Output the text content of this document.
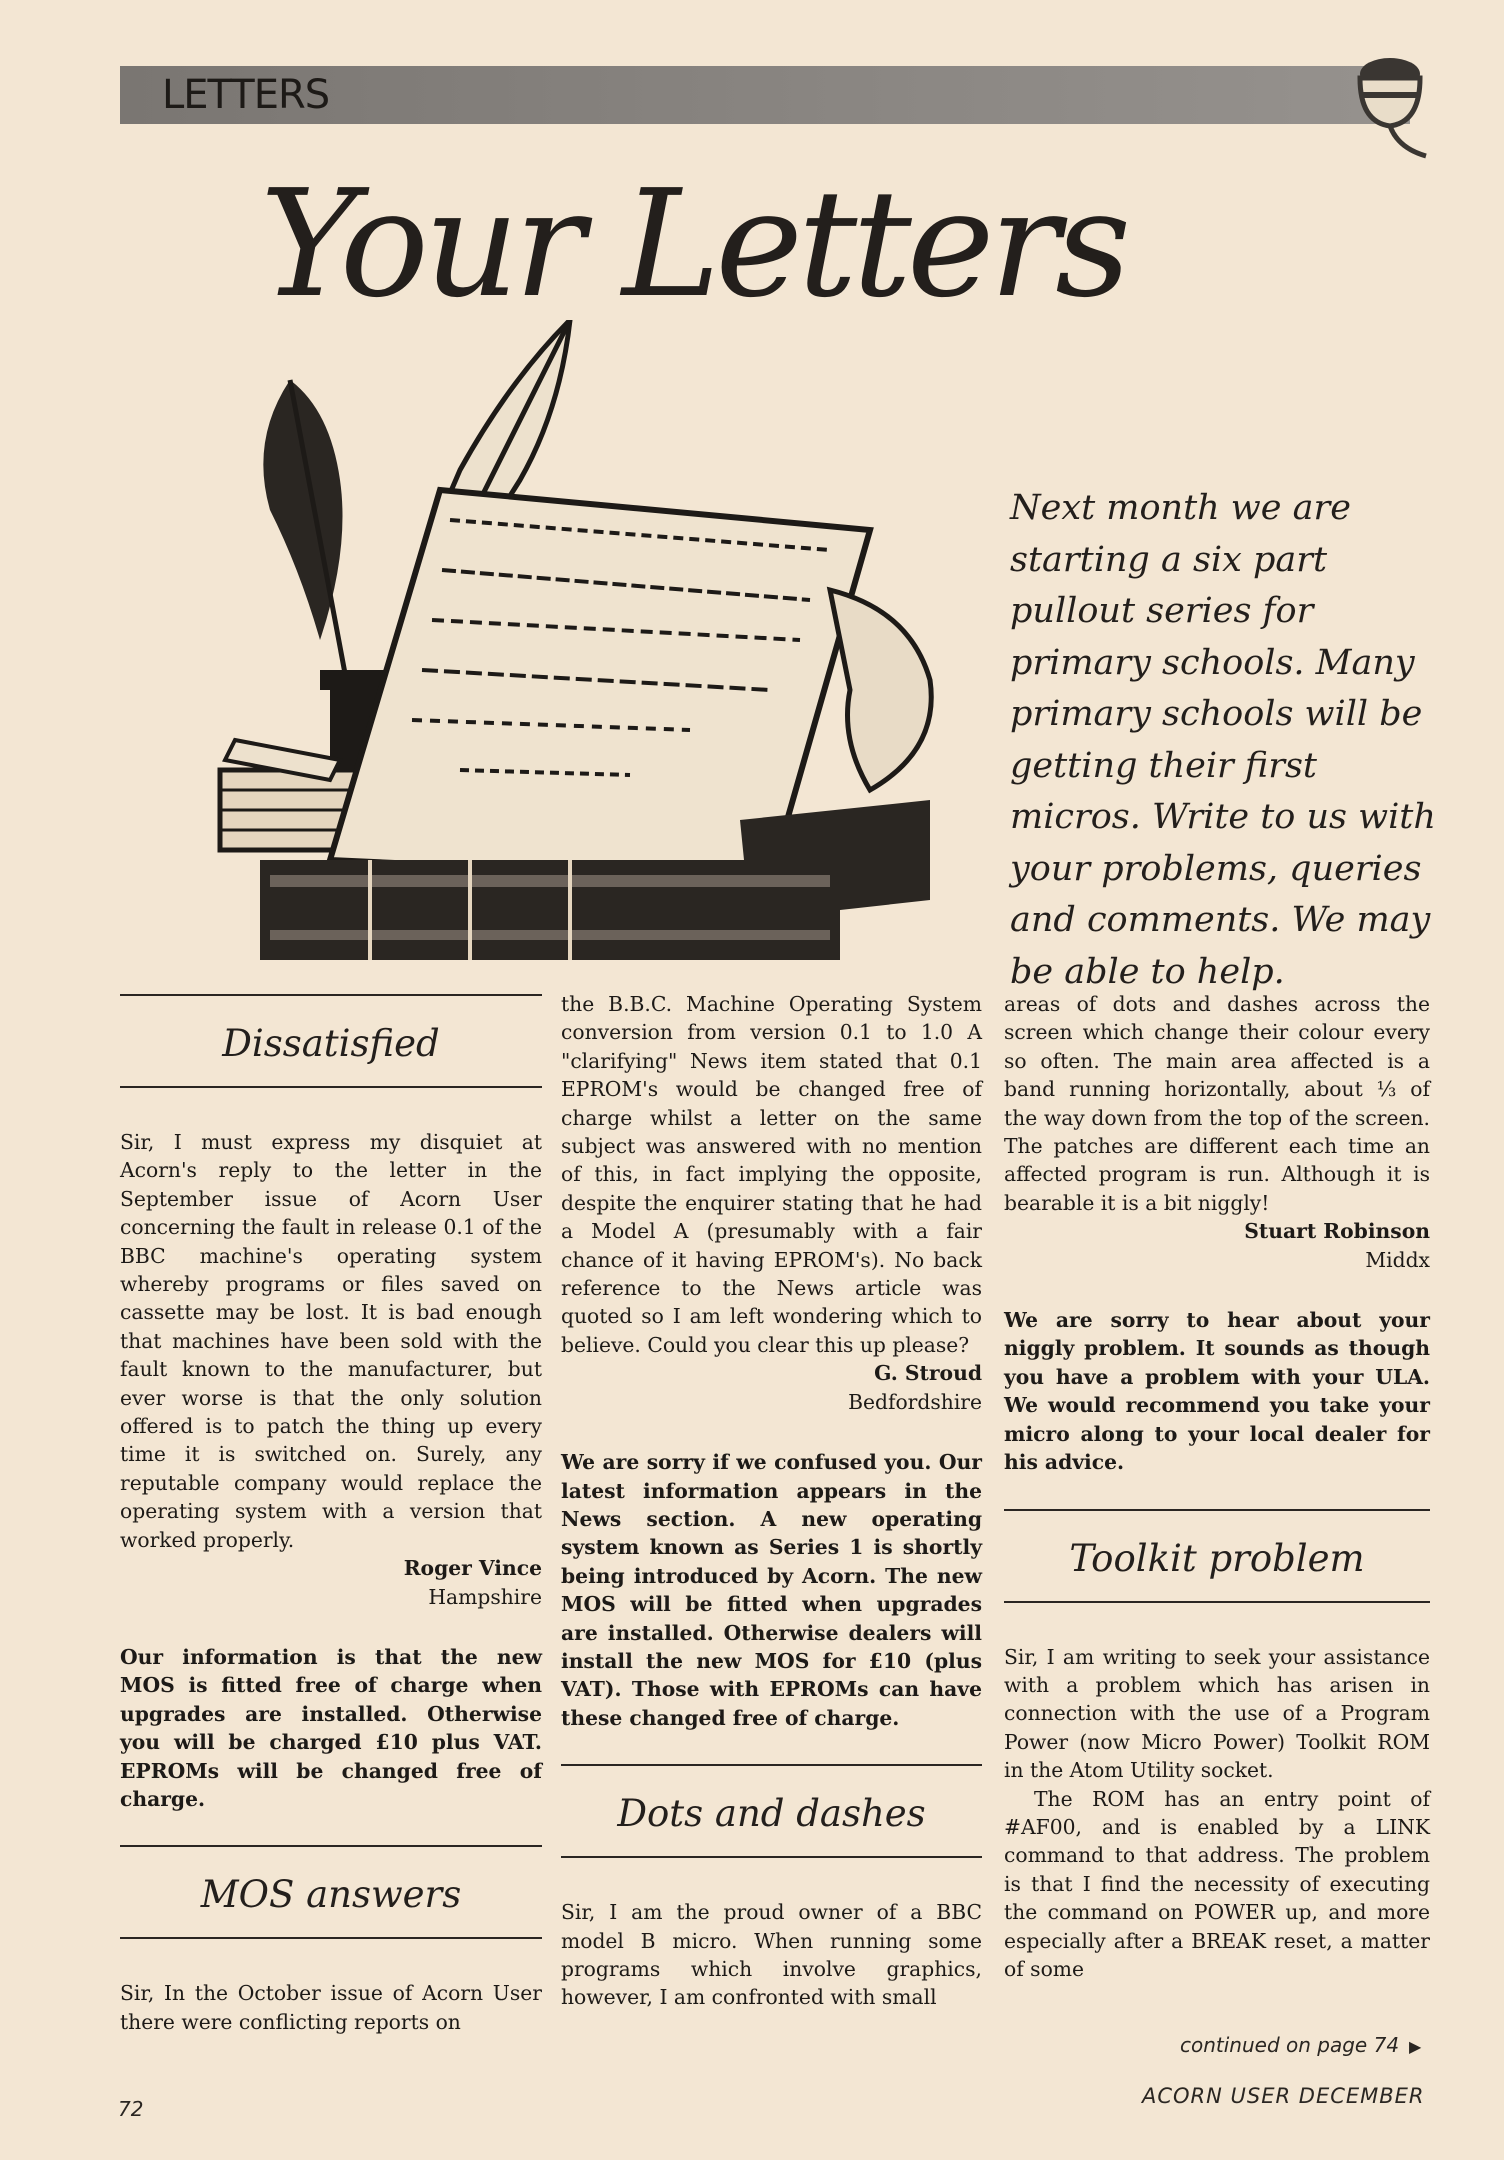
LETTERS
Your Letters
Next month we are starting a six part pullout series for primary schools. Many primary schools will be getting their first micros. Write to us with your problems, queries and comments. We may be able to help.
Dissatisfied

Sir, I must express my disquiet at Acorn's reply to the letter in the September issue of Acorn User concerning the fault in release 0.1 of the BBC machine's operating system whereby programs or files saved on cassette may be lost. It is bad enough that machines have been sold with the fault known to the manufacturer, but ever worse is that the only solution offered is to patch the thing up every time it is switched on. Surely, any reputable company would replace the operating system with a version that worked properly.

Roger Vince

Hampshire

Our information is that the new MOS is fitted free of charge when upgrades are installed. Otherwise you will be charged £10 plus VAT. EPROMs will be changed free of charge.

MOS answers

Sir, In the October issue of Acorn User there were conflicting reports on

the B.B.C. Machine Operating System conversion from version 0.1 to 1.0 A "clarifying" News item stated that 0.1 EPROM's would be changed free of charge whilst a letter on the same subject was answered with no mention of this, in fact implying the opposite, despite the enquirer stating that he had a Model A (presumably with a fair chance of it having EPROM's). No back reference to the News article was quoted so I am left wondering which to believe. Could you clear this up please?

G. Stroud

Bedfordshire

We are sorry if we confused you. Our latest information appears in the News section. A new operating system known as Series 1 is shortly being introduced by Acorn. The new MOS will be fitted when upgrades are installed. Otherwise dealers will install the new MOS for £10 (plus VAT). Those with EPROMs can have these changed free of charge.

Dots and dashes

Sir, I am the proud owner of a BBC model B micro. When running some programs which involve graphics, however, I am confronted with small

areas of dots and dashes across the screen which change their colour every so often. The main area affected is a band running horizontally, about ⅓ of the way down from the top of the screen. The patches are different each time an affected program is run. Although it is bearable it is a bit niggly!

Stuart Robinson

Middx

We are sorry to hear about your niggly problem. It sounds as though you have a problem with your ULA. We would recommend you take your micro along to your local dealer for his advice.

Toolkit problem

Sir, I am writing to seek your assistance with a problem which has arisen in connection with the use of a Program Power (now Micro Power) Toolkit ROM in the Atom Utility socket.

The ROM has an entry point of #AF00, and is enabled by a LINK command to that address. The problem is that I find the necessity of executing the command on POWER up, and more especially after a BREAK reset, a matter of some

continued on page 74 ▶
72
ACORN USER DECEMBER
